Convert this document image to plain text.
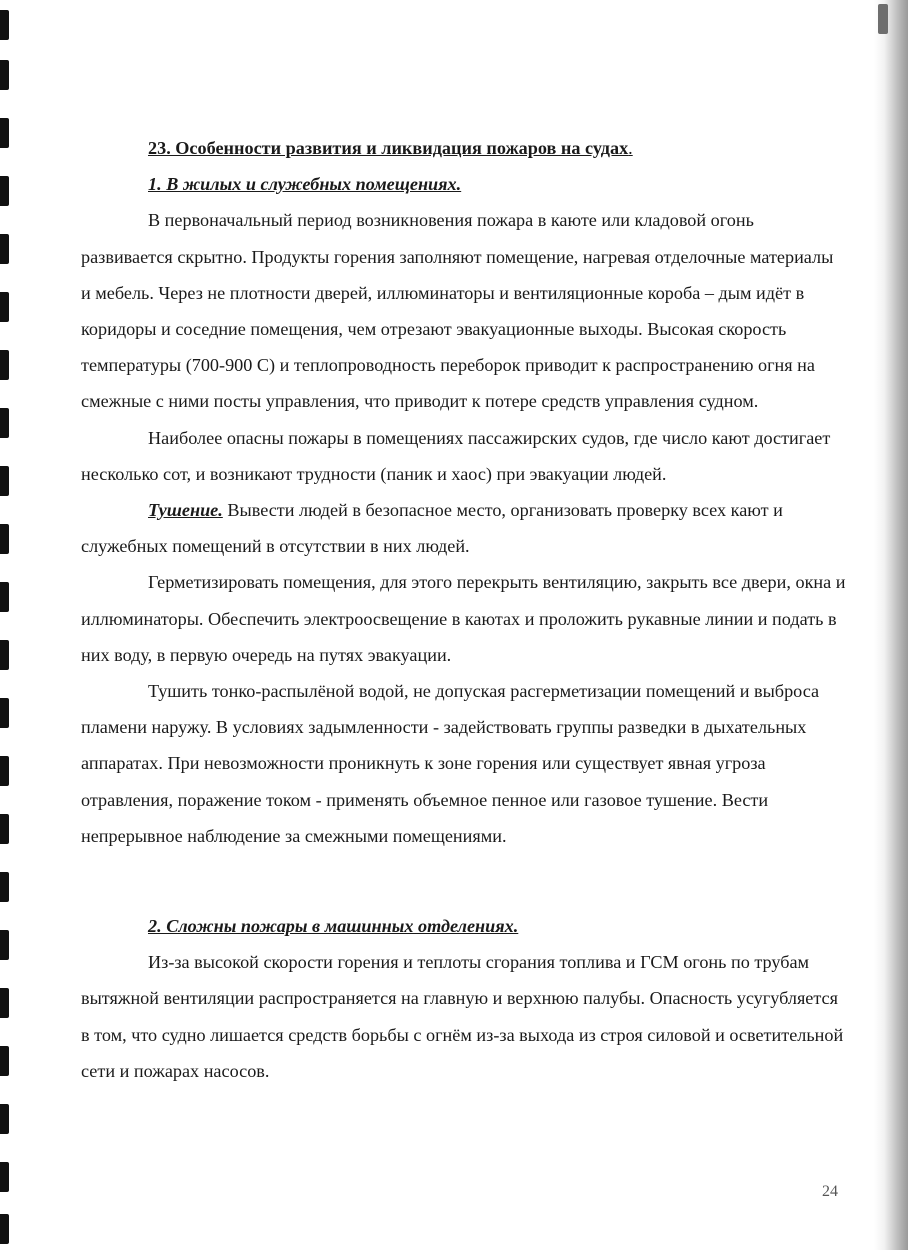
23. Особенности развития и ликвидация пожаров на судах.

1. В жилых и служебных помещениях.

В первоначальный период возникновения пожара в каюте или кладовой огонь развивается скрытно. Продукты горения заполняют помещение, нагревая отделочные материалы и мебель. Через не плотности дверей, иллюминаторы и вентиляционные короба – дым идёт в коридоры и соседние помещения, чем отрезают эвакуационные выходы. Высокая скорость температуры (700-900 С) и теплопроводность переборок приводит к распространению огня на смежные с ними посты управления, что приводит к потере средств управления судном.

Наиболее опасны пожары в помещениях пассажирских судов, где число кают достигает несколько сот, и возникают трудности (паник и хаос) при эвакуации людей.

Тушение. Вывести людей в безопасное место, организовать проверку всех кают и служебных помещений в отсутствии в них людей.

Герметизировать помещения, для этого перекрыть вентиляцию, закрыть все двери, окна и иллюминаторы. Обеспечить электроосвещение в каютах и проложить рукавные линии и подать в них воду, в первую очередь на путях эвакуации.

Тушить тонко-распылёной водой, не допуская расгерметизации помещений и выброса пламени наружу. В условиях задымленности - задействовать группы разведки в дыхательных аппаратах. При невозможности проникнуть к зоне горения или существует явная угроза отравления, поражение током - применять объемное пенное или газовое тушение. Вести непрерывное наблюдение за смежными помещениями.

2. Сложны пожары в машинных отделениях.

Из-за высокой скорости горения и теплоты сгорания топлива и ГСМ огонь по трубам вытяжной вентиляции распространяется на главную и верхнюю палубы. Опасность усугубляется в том, что судно лишается средств борьбы с огнём из-за выхода из строя силовой и осветительной сети и пожарах насосов.

24
